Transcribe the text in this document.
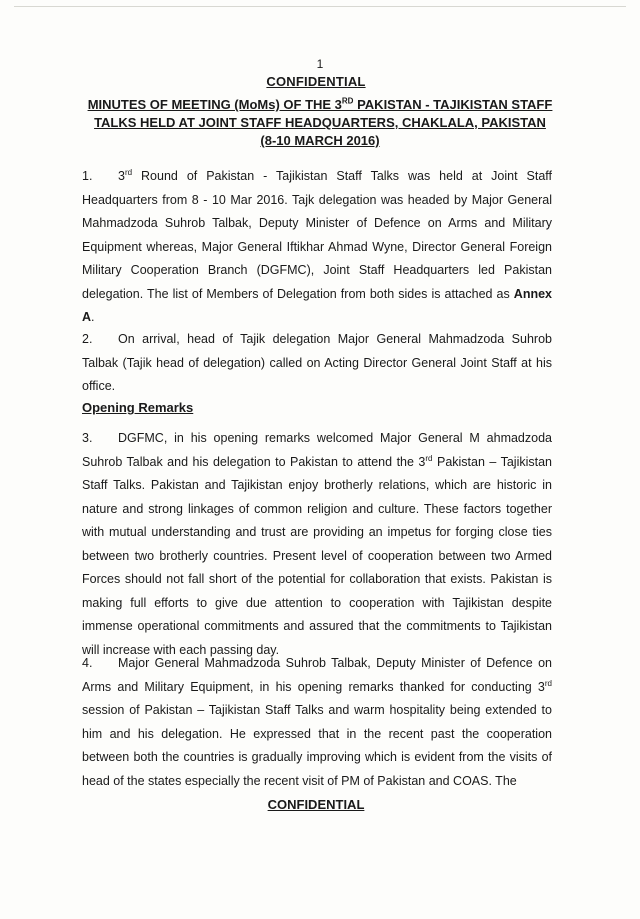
1
CONFIDENTIAL
MINUTES OF MEETING (MoMs) OF THE 3RD PAKISTAN - TAJIKISTAN STAFF
TALKS HELD AT JOINT STAFF HEADQUARTERS, CHAKLALA, PAKISTAN
(8-10 MARCH 2016)
1. 3rd Round of Pakistan - Tajikistan Staff Talks was held at Joint Staff Headquarters from 8 - 10 Mar 2016. Tajk delegation was headed by Major General Mahmadzoda Suhrob Talbak, Deputy Minister of Defence on Arms and Military Equipment whereas, Major General Iftikhar Ahmad Wyne, Director General Foreign Military Cooperation Branch (DGFMC), Joint Staff Headquarters led Pakistan delegation. The list of Members of Delegation from both sides is attached as Annex A.
2. On arrival, head of Tajik delegation Major General Mahmadzoda Suhrob Talbak (Tajik head of delegation) called on Acting Director General Joint Staff at his office.
Opening Remarks
3. DGFMC, in his opening remarks welcomed Major General M ahmadzoda Suhrob Talbak and his delegation to Pakistan to attend the 3rd Pakistan – Tajikistan Staff Talks. Pakistan and Tajikistan enjoy brotherly relations, which are historic in nature and strong linkages of common religion and culture. These factors together with mutual understanding and trust are providing an impetus for forging close ties between two brotherly countries. Present level of cooperation between two Armed Forces should not fall short of the potential for collaboration that exists. Pakistan is making full efforts to give due attention to cooperation with Tajikistan despite immense operational commitments and assured that the commitments to Tajikistan will increase with each passing day.
4. Major General Mahmadzoda Suhrob Talbak, Deputy Minister of Defence on Arms and Military Equipment, in his opening remarks thanked for conducting 3rd session of Pakistan – Tajikistan Staff Talks and warm hospitality being extended to him and his delegation. He expressed that in the recent past the cooperation between both the countries is gradually improving which is evident from the visits of head of the states especially the recent visit of PM of Pakistan and COAS. The
CONFIDENTIAL
